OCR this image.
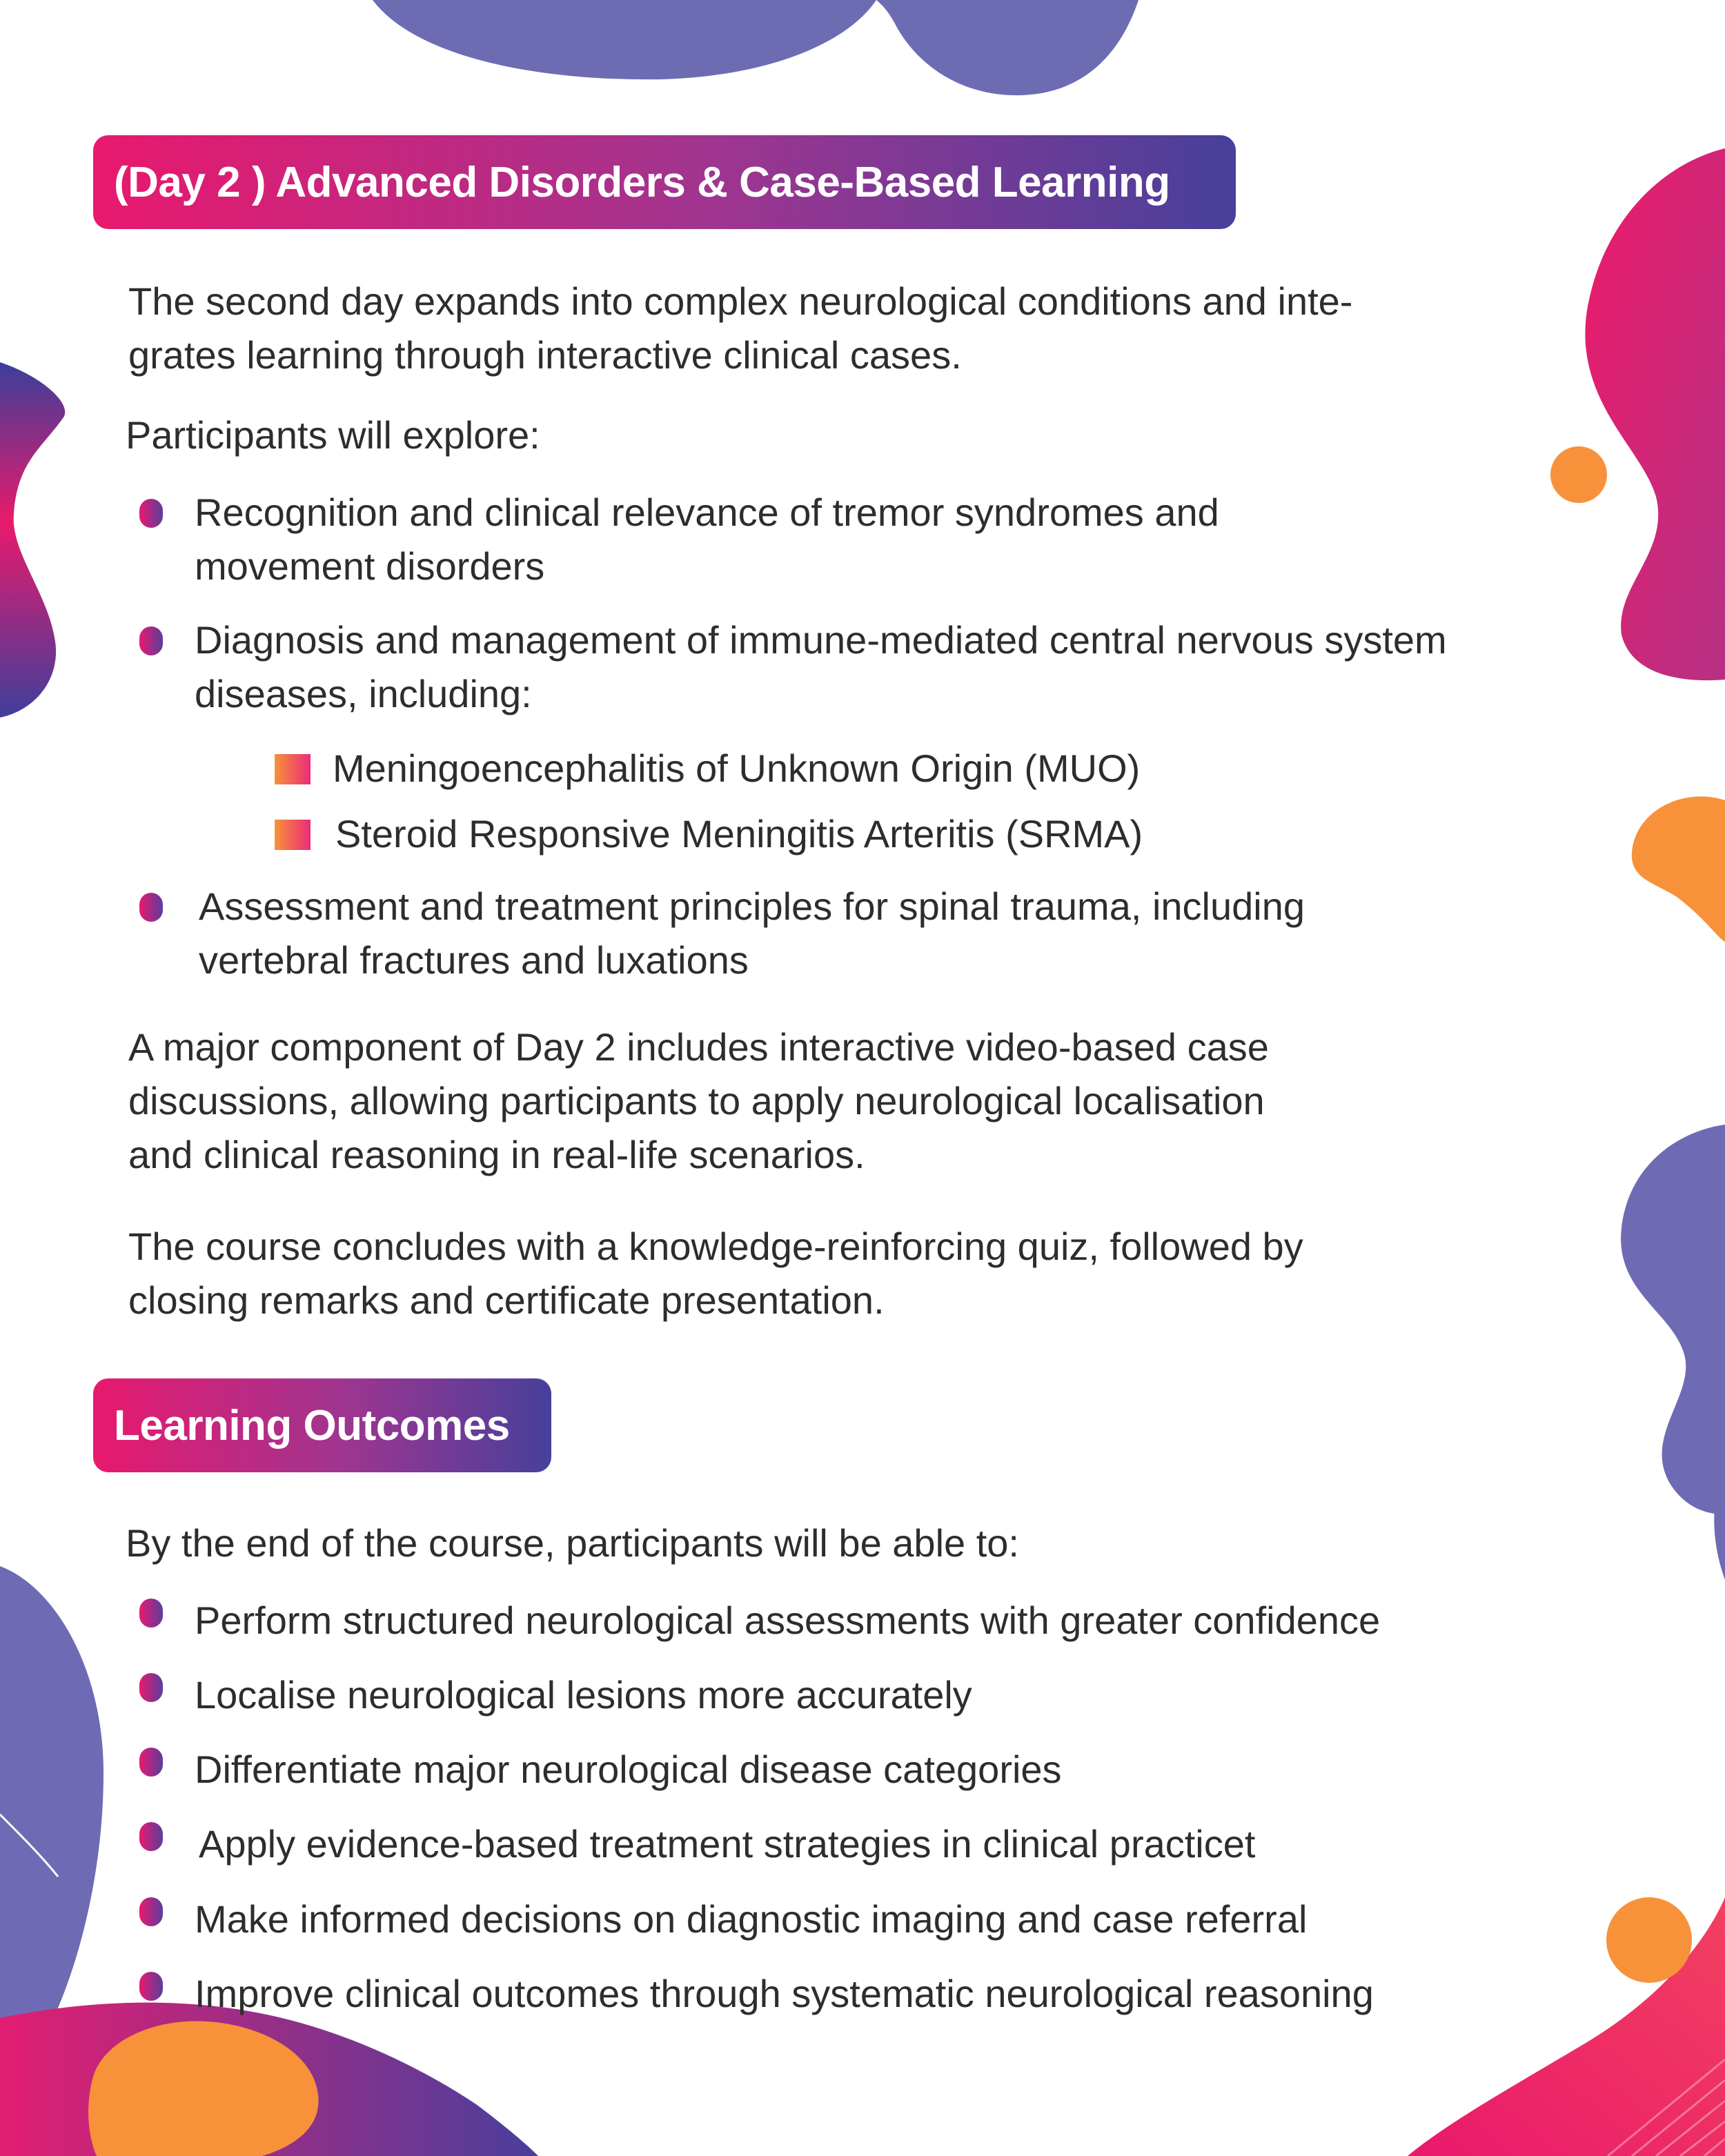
(Day 2 ) Advanced Disorders & Case-Based Learning

The second day expands into complex neurological conditions and inte-
grates learning through interactive clinical cases.

Participants will explore:

Recognition and clinical relevance of tremor syndromes and
movement disorders

Diagnosis and management of immune-mediated central nervous system
diseases, including:

Meningoencephalitis of Unknown Origin (MUO)

Steroid Responsive Meningitis Arteritis (SRMA)

Assessment and treatment principles for spinal trauma, including
vertebral fractures and luxations

A major component of Day 2 includes interactive video-based case
discussions, allowing participants to apply neurological localisation
and clinical reasoning in real-life scenarios.

The course concludes with a knowledge-reinforcing quiz, followed by
closing remarks and certificate presentation.

Learning Outcomes

By the end of the course, participants will be able to:

Perform structured neurological assessments with greater confidence

Localise neurological lesions more accurately

Differentiate major neurological disease categories

Apply evidence-based treatment strategies in clinical practicet

Make informed decisions on diagnostic imaging and case referral

Improve clinical outcomes through systematic neurological reasoning
